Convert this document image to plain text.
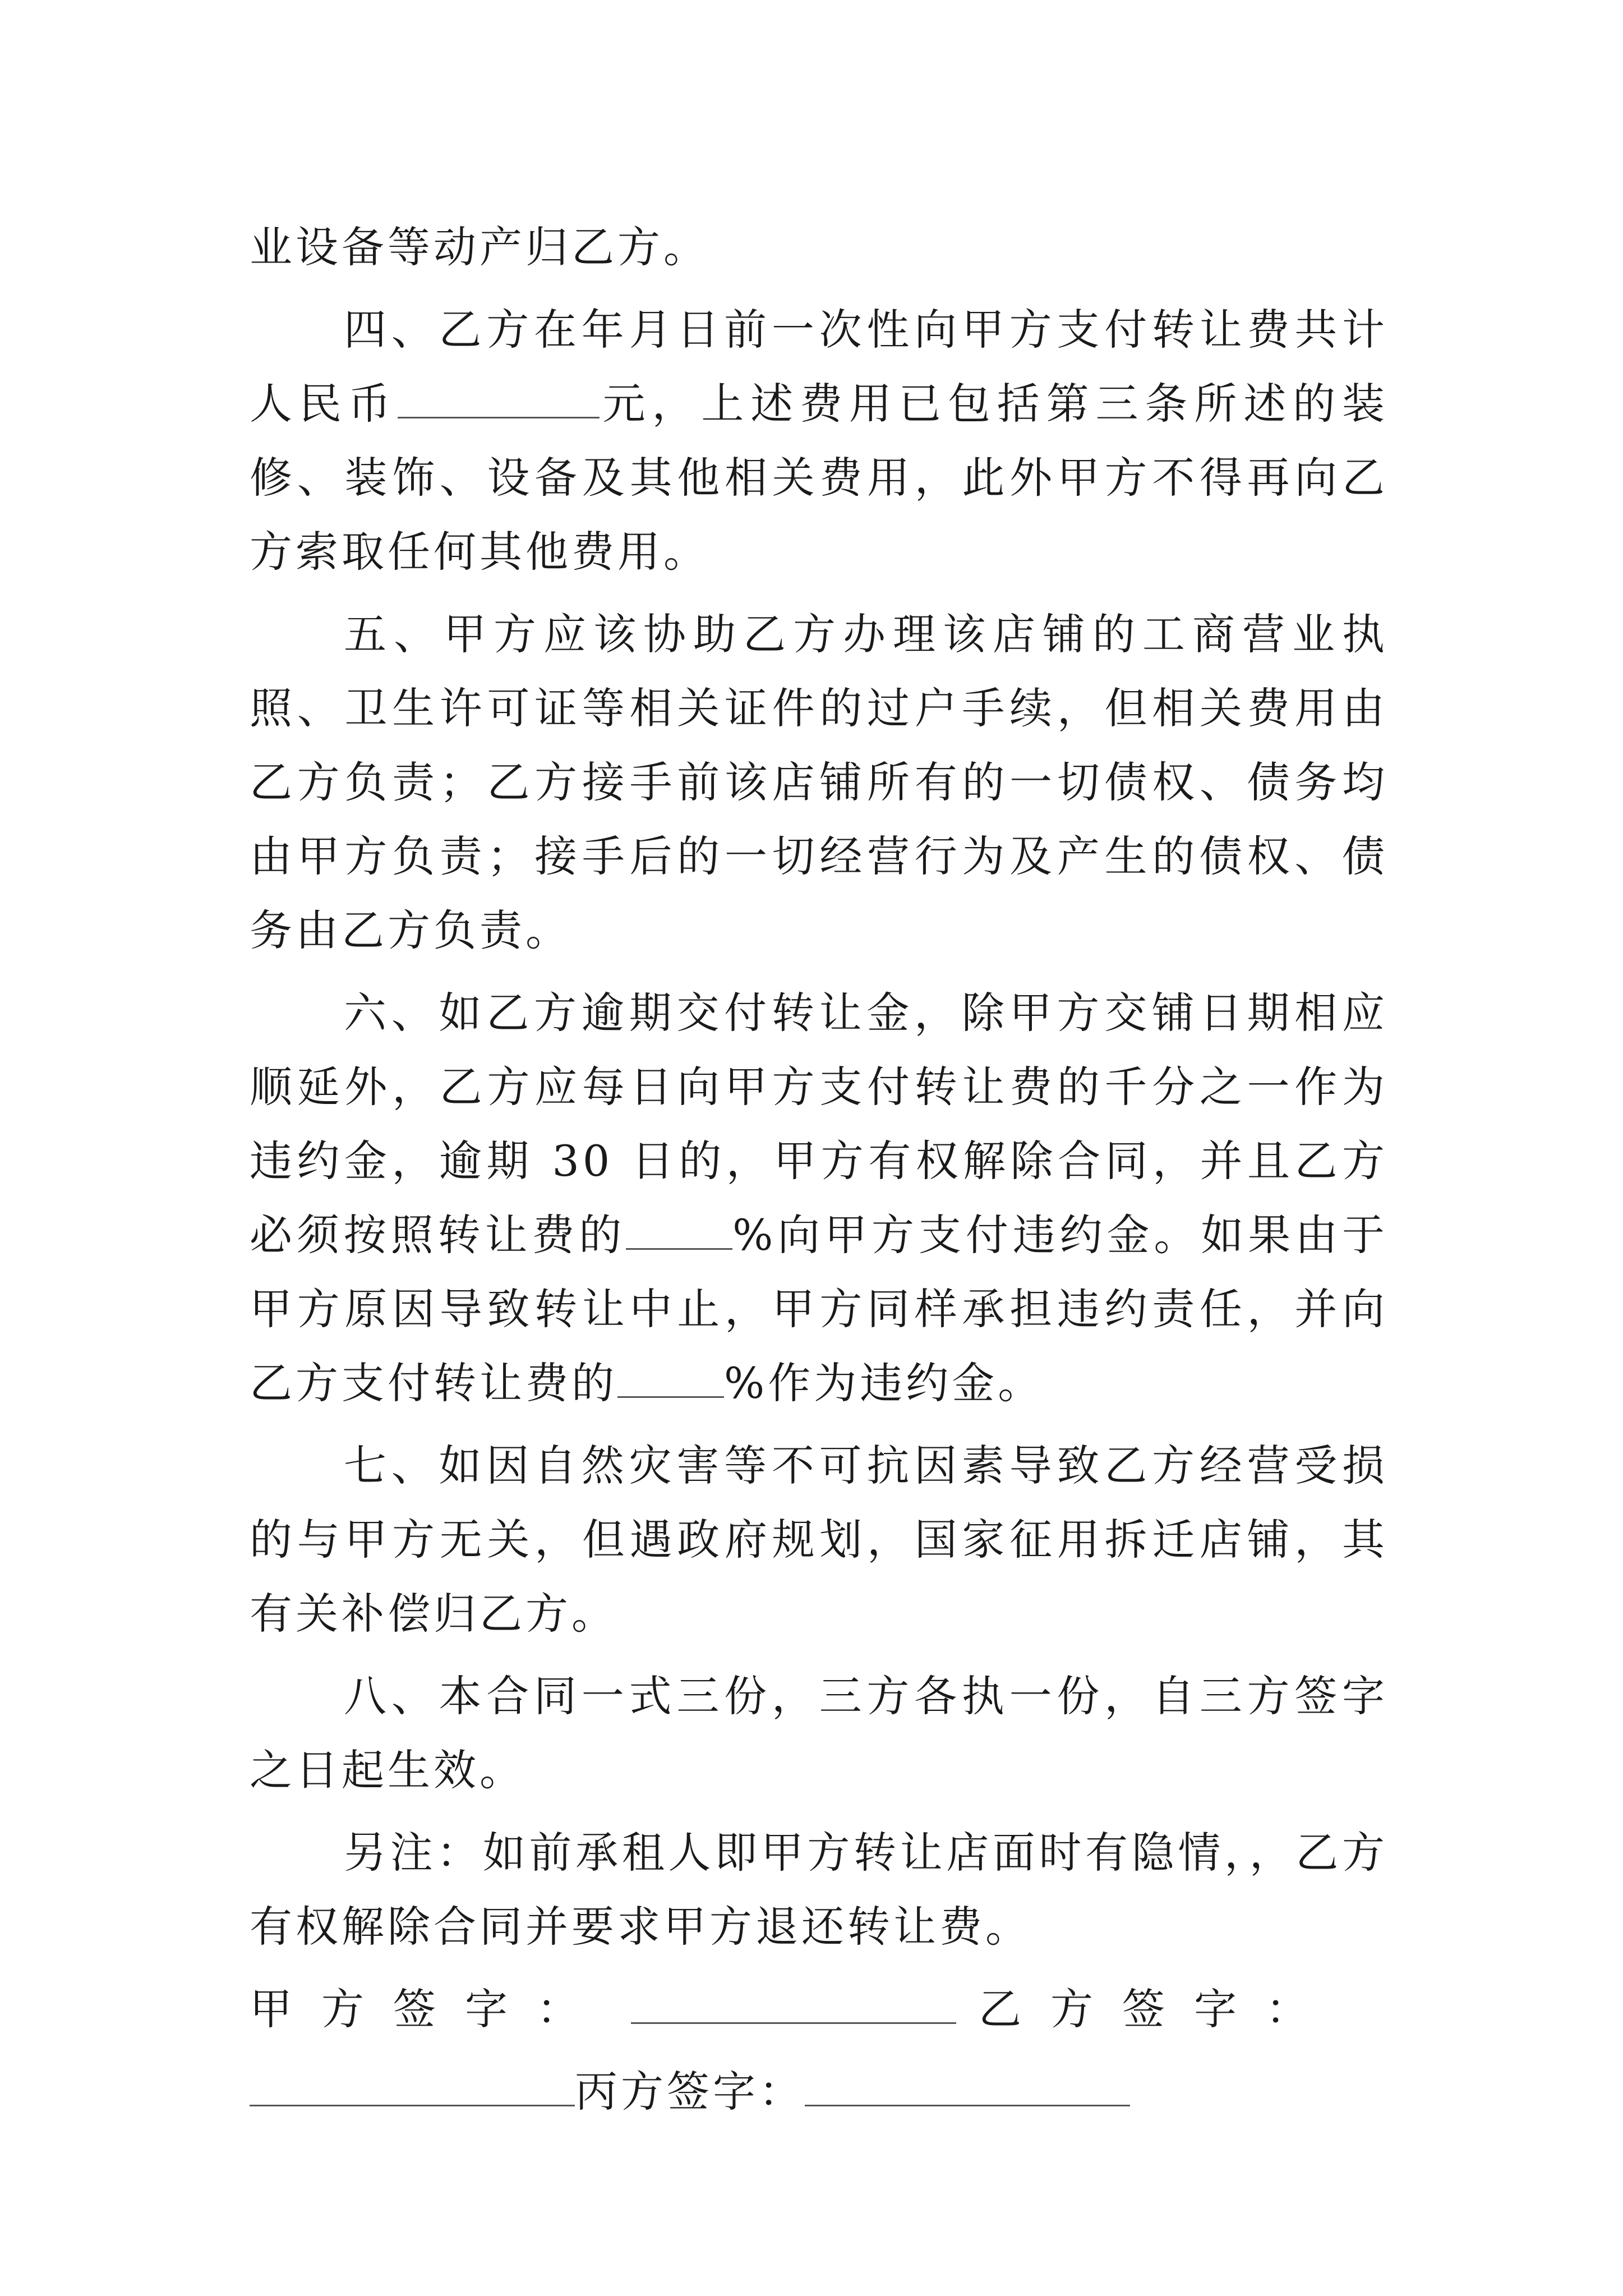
业设备等动产归乙方。

四、乙方在年月日前一次性向甲方支付转让费共计人民币	元，上述费用已包括第三条所述的装修、装饰、设备及其他相关费用，此外甲方不得再向乙方索取任何其他费用。

五、甲方应该协助乙方办理该店铺的工商营业执照、卫生许可证等相关证件的过户手续，但相关费用由乙方负责；乙方接手前该店铺所有的一切债权、债务均由甲方负责；接手后的一切经营行为及产生的债权、债务由乙方负责。

六、如乙方逾期交付转让金，除甲方交铺日期相应顺延外，乙方应每日向甲方支付转让费的千分之一作为违约金，逾期 30 日的，甲方有权解除合同，并且乙方必须按照转让费的	%向甲方支付违约金。如果由于甲方原因导致转让中止，甲方同样承担违约责任，并向乙方支付转让费的	%作为违约金。

七、如因自然灾害等不可抗因素导致乙方经营受损的与甲方无关，但遇政府规划，国家征用拆迁店铺，其有关补偿归乙方。

八、本合同一式三份，三方各执一份，自三方签字之日起生效。

另注：如前承租人即甲方转让店面时有隐情，，乙方有权解除合同并要求甲方退还转让费。

甲方签字：	乙方签字：

丙方签字：
